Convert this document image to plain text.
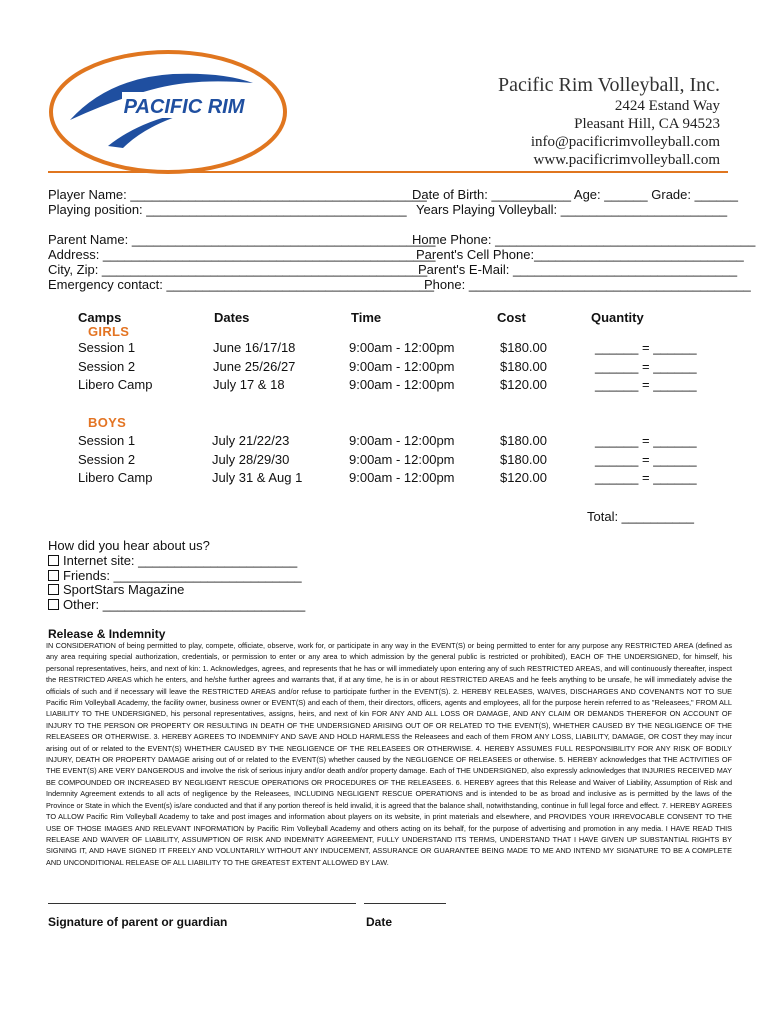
PACIFIC RIM
Pacific Rim Volleyball, Inc.
2424 Estand Way
Pleasant Hill, CA 94523
info@pacificrimvolleyball.com
www.pacificrimvolleyball.com
Player Name: _________________________________________
Date of Birth: ___________ Age: ______ Grade: ______
Playing position: ____________________________________ Years Playing Volleyball: _______________________
Parent Name: __________________________________________
Home Phone: ____________________________________
Address: ______________________________________________
Parent's Cell Phone:_____________________________
City, Zip: _____________________________________________
Parent's E-Mail: _______________________________
Emergency contact: _____________________________________
Phone: _______________________________________
Camps	Dates	Time	Cost	Quantity
GIRLS
Session 1	June 16/17/18	9:00am - 12:00pm	$180.00	______ = ______
Session 2	June 25/26/27	9:00am - 12:00pm	$180.00	______ = ______
Libero Camp	July 17 & 18	9:00am - 12:00pm	$120.00	______ = ______
BOYS
Session 1	July 21/22/23	9:00am - 12:00pm	$180.00	______ = ______
Session 2	July 28/29/30	9:00am - 12:00pm	$180.00	______ = ______
Libero Camp	July 31 & Aug 1	9:00am - 12:00pm	$120.00	______ = ______
Total: __________
How did you hear about us?
Internet site: ______________________
Friends: __________________________
SportStars Magazine
Other: ____________________________
Release & Indemnity
IN CONSIDERATION of being permitted to play, compete, officiate, observe, work for, or participate in any way in the EVENT(S) or being permitted to enter for any purpose any RESTRICTED AREA (defined as any area requiring special authorization, credentials, or permission to enter or any area to which admission by the general public is restricted or prohibited), EACH OF THE UNDERSIGNED, for himself, his personal representatives, heirs, and next of kin: 1. Acknowledges, agrees, and represents that he has or will immediately upon entering any of such RESTRICTED AREAS, and will continuously thereafter, inspect the RESTRICTED AREAS which he enters, and he/she further agrees and warrants that, if at any time, he is in or about RESTRICTED AREAS and he feels anything to be unsafe, he will immediately advise the officials of such and if necessary will leave the RESTRICTED AREAS and/or refuse to participate further in the EVENT(S). 2. HEREBY RELEASES, WAIVES, DISCHARGES AND COVENANTS NOT TO SUE Pacific Rim Volleyball Academy, the facility owner, business owner or EVENT(S) and each of them, their directors, officers, agents and employees, all for the purpose herein referred to as "Releasees," FROM ALL LIABILITY TO THE UNDERSIGNED, his personal representatives, assigns, heirs, and next of kin FOR ANY AND ALL LOSS OR DAMAGE, AND ANY CLAIM OR DEMANDS THEREFOR ON ACCOUNT OF INJURY TO THE PERSON OR PROPERTY OR RESULTING IN DEATH OF THE UNDERSIGNED ARISING OUT OF OR RELATED TO THE EVENT(S), WHETHER CAUSED BY THE NEGLIGENCE OF THE RELEASEES OR OTHERWISE. 3. HEREBY AGREES TO INDEMNIFY AND SAVE AND HOLD HARMLESS the Releasees and each of them FROM ANY LOSS, LIABILITY, DAMAGE, OR COST they may incur arising out of or related to the EVENT(S) WHETHER CAUSED BY THE NEGLIGENCE OF THE RELEASEES OR OTHERWISE. 4. HEREBY ASSUMES FULL RESPONSIBILITY FOR ANY RISK OF BODILY INJURY, DEATH OR PROPERTY DAMAGE arising out of or related to the EVENT(S) whether caused by the NEGLIGENCE OF RELEASEES or otherwise. 5. HEREBY acknowledges that THE ACTIVITIES OF THE EVENT(S) ARE VERY DANGEROUS and involve the risk of serious injury and/or death and/or property damage. Each of THE UNDERSIGNED, also expressly acknowledges that INJURIES RECEIVED MAY BE COMPOUNDED OR INCREASED BY NEGLIGENT RESCUE OPERATIONS OR PROCEDURES OF THE RELEASEES. 6. HEREBY agrees that this Release and Waiver of Liability, Assumption of Risk and Indemnity Agreement extends to all acts of negligence by the Releasees, INCLUDING NEGLIGENT RESCUE OPERATIONS and is intended to be as broad and inclusive as is permitted by the laws of the Province or State in which the Event(s) is/are conducted and that if any portion thereof is held invalid, it is agreed that the balance shall, notwithstanding, continue in full legal force and effect. 7. HEREBY AGREES TO ALLOW Pacific Rim Volleyball Academy to take and post images and information about players on its website, in print materials and elsewhere, and PROVIDES YOUR IRREVOCABLE CONSENT TO THE USE OF THOSE IMAGES AND RELEVANT INFORMATION by Pacific Rim Volleyball Academy and others acting on its behalf, for the purpose of advertising and promotion in any media. I HAVE READ THIS RELEASE AND WAIVER OF LIABILITY, ASSUMPTION OF RISK AND INDEMNITY AGREEMENT, FULLY UNDERSTAND ITS TERMS, UNDERSTAND THAT I HAVE GIVEN UP SUBSTANTIAL RIGHTS BY SIGNING IT, AND HAVE SIGNED IT FREELY AND VOLUNTARILY WITHOUT ANY INDUCEMENT, ASSURANCE OR GUARANTEE BEING MADE TO ME AND INTEND MY SIGNATURE TO BE A COMPLETE AND UNCONDITIONAL RELEASE OF ALL LIABILITY TO THE GREATEST EXTENT ALLOWED BY LAW.
Signature of parent or guardian	Date
